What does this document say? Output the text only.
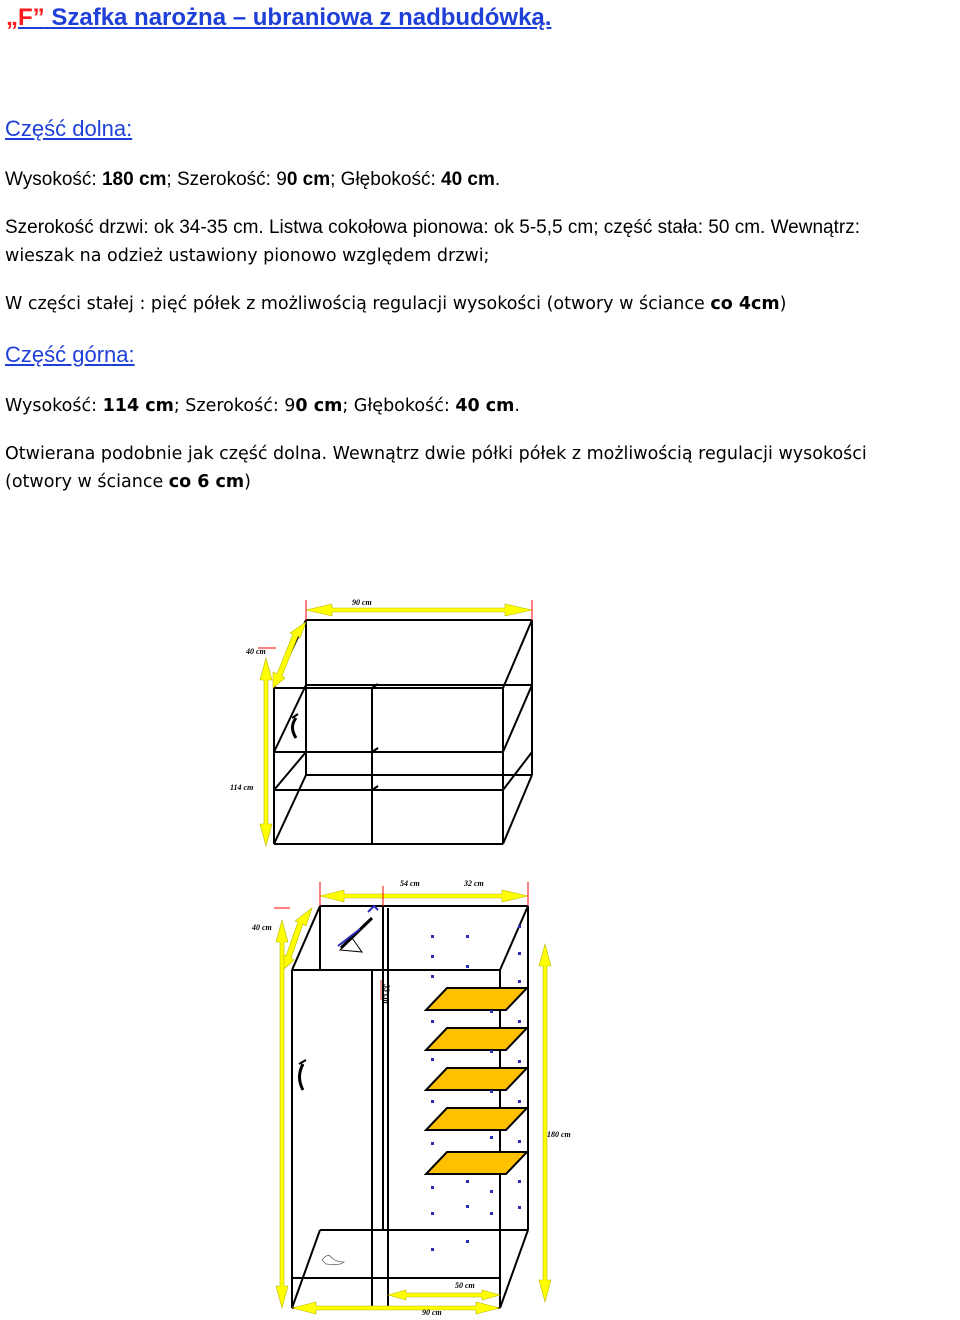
„F” Szafka narożna – ubraniowa z nadbudówką.
Część dolna:

Wysokość: 180 cm; Szerokość: 90 cm; Głębokość: 40 cm.

Szerokość drzwi: ok 34-35 cm. Listwa cokołowa pionowa: ok 5-5,5 cm; część stała: 50 cm. Wewnątrz:

wieszak na odzież ustawiony pionowo względem drzwi;

W części stałej : pięć półek z możliwością regulacji wysokości (otwory w ściance co 4cm)

Część górna:

Wysokość: 114 cm; Szerokość: 90 cm; Głębokość: 40 cm.

Otwierana podobnie jak część dolna. Wewnątrz dwie półki półek z możliwością regulacji wysokości

(otwory w ściance co 6 cm)

90 cm
40 cm
114 cm
53 cm
54 cm	32 cm
40 cm
180 cm
50 cm
90 cm
